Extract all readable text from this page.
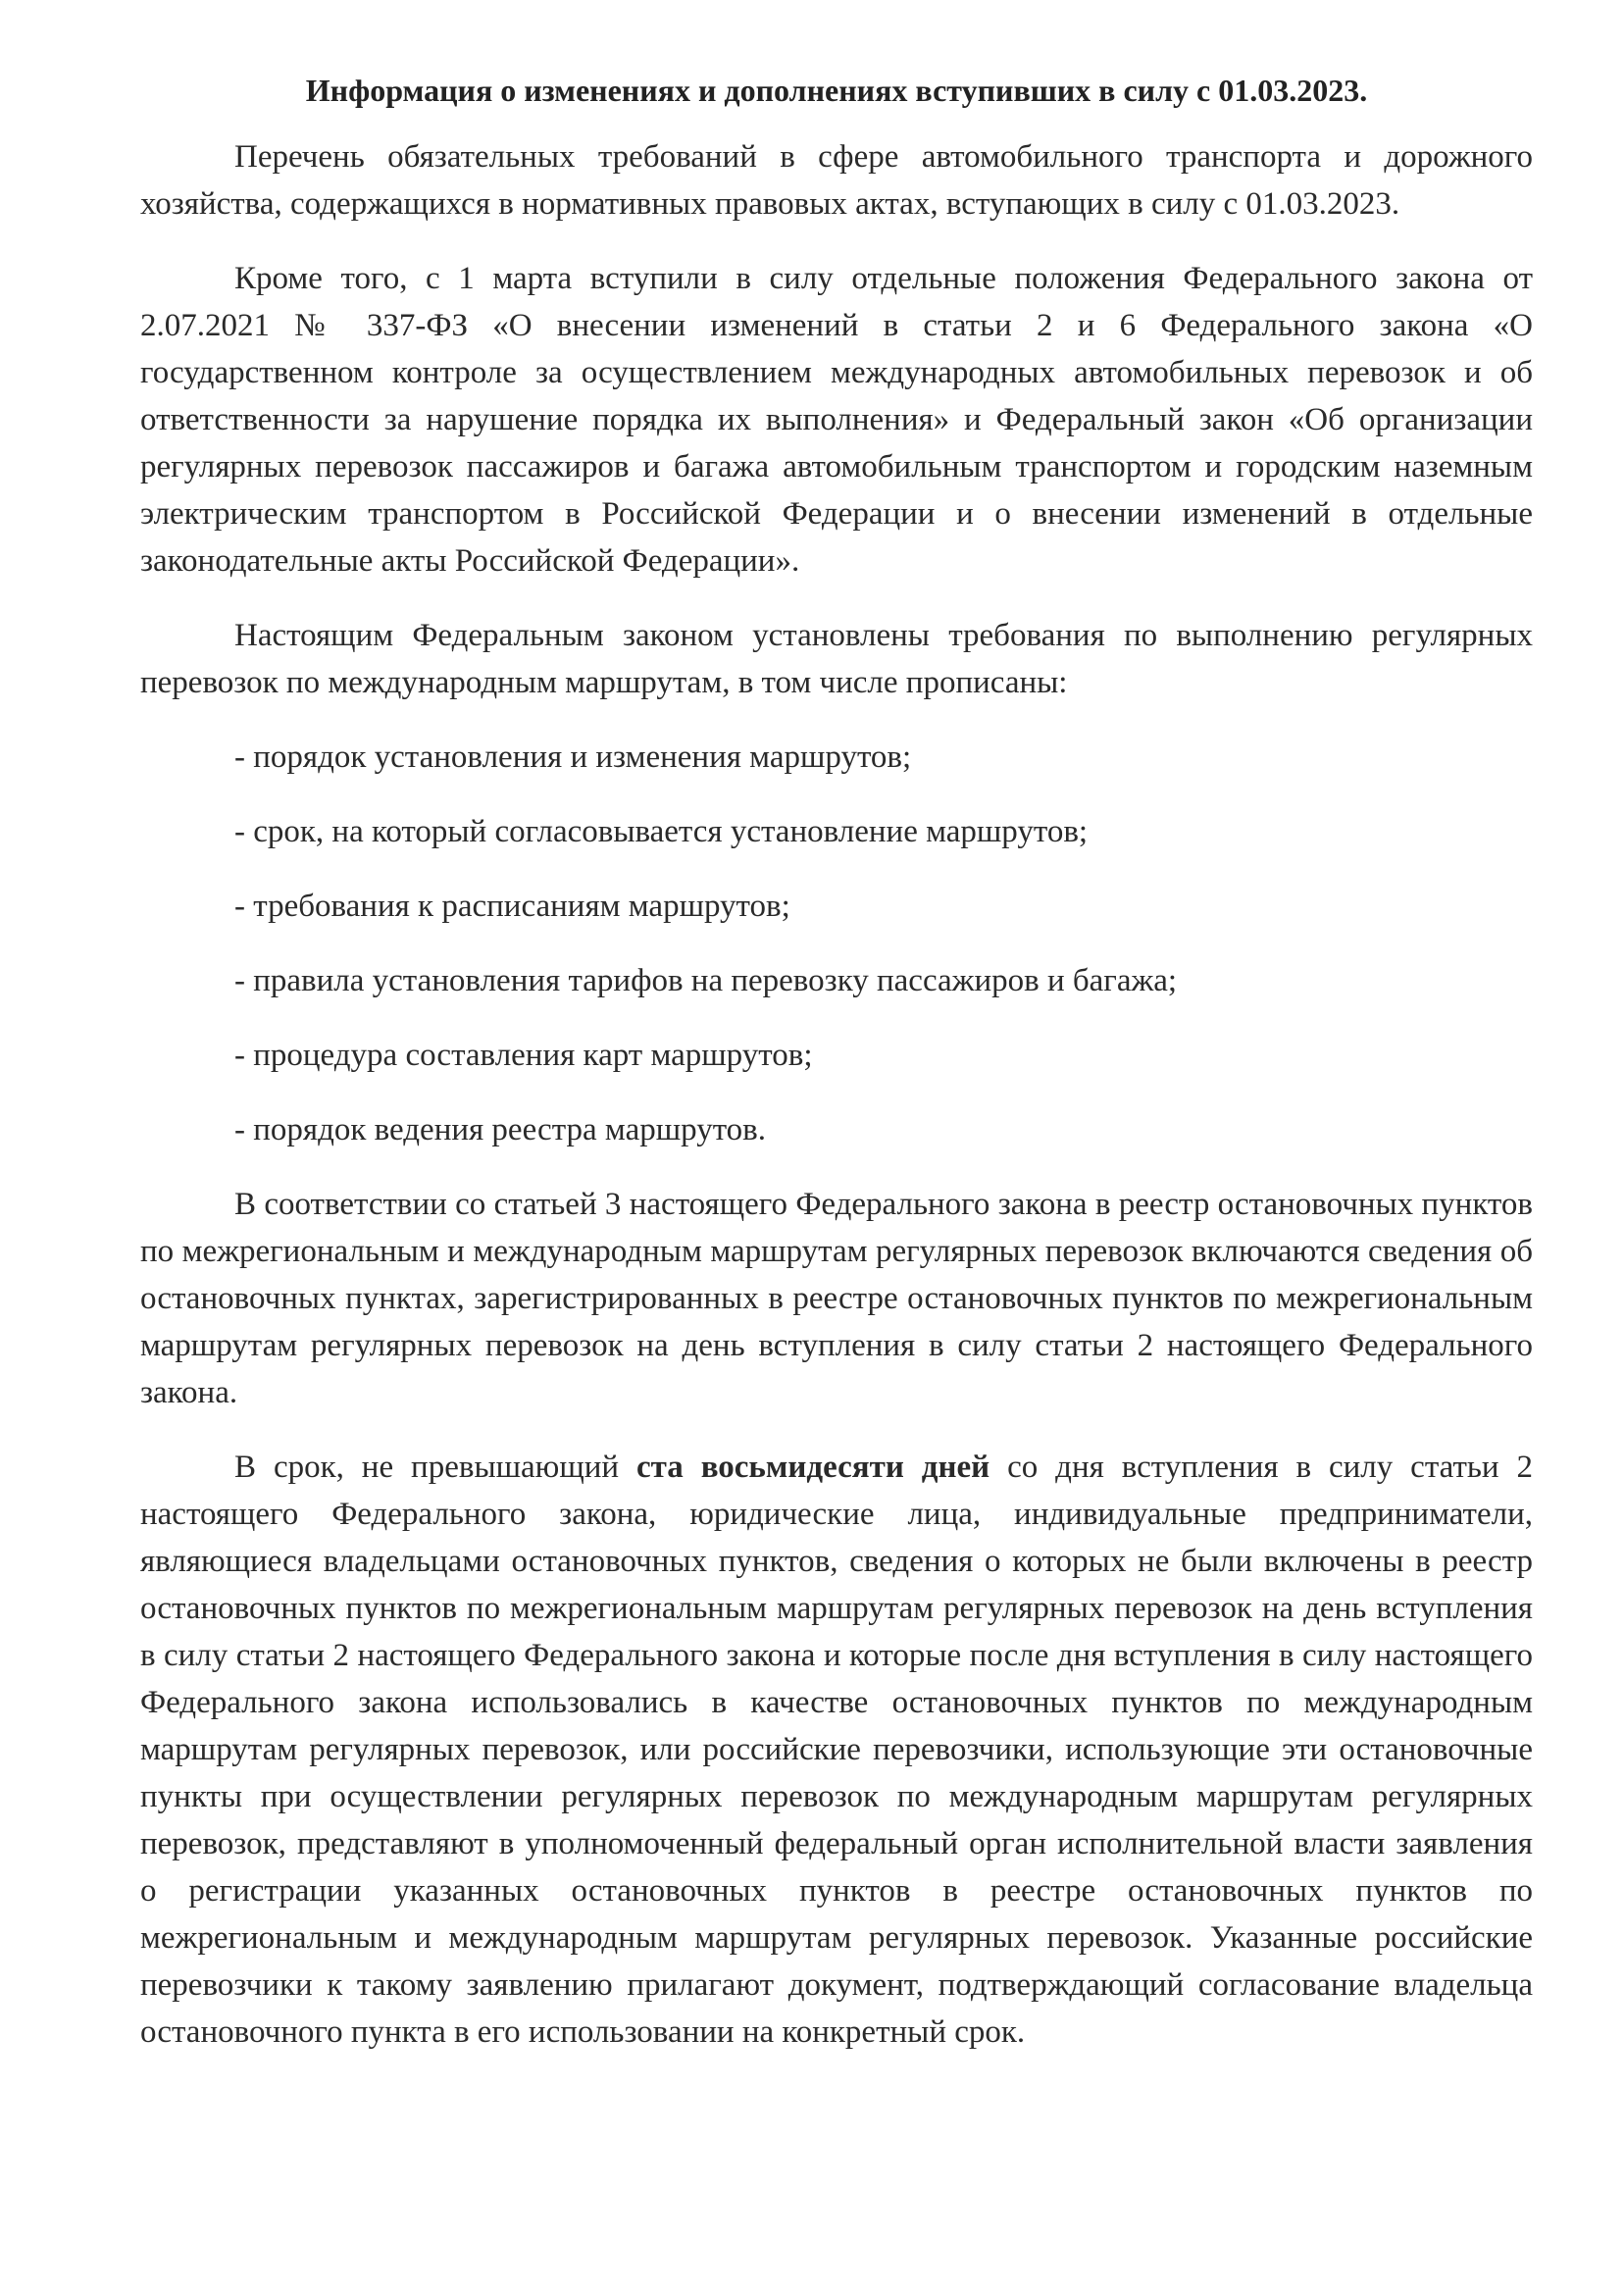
Информация о изменениях и дополнениях вступивших в силу с 01.03.2023.

Перечень обязательных требований в сфере автомобильного транспорта и дорожного хозяйства, содержащихся в нормативных правовых актах, вступающих в силу с 01.03.2023.

Кроме того, с 1 марта вступили в силу отдельные положения Федерального закона от 2.07.2021 № 337-ФЗ «О внесении изменений в статьи 2 и 6 Федерального закона «О государственном контроле за осуществлением международных автомобильных перевозок и об ответственности за нарушение порядка их выполнения» и Федеральный закон «Об организации регулярных перевозок пассажиров и багажа автомобильным транспортом и городским наземным электрическим транспортом в Российской Федерации и о внесении изменений в отдельные законодательные акты Российской Федерации».

Настоящим Федеральным законом установлены требования по выполнению регулярных перевозок по международным маршрутам, в том числе прописаны:

- порядок установления и изменения маршрутов;
- срок, на который согласовывается установление маршрутов;
- требования к расписаниям маршрутов;
- правила установления тарифов на перевозку пассажиров и багажа;
- процедура составления карт маршрутов;
- порядок ведения реестра маршрутов.

В соответствии со статьей 3 настоящего Федерального закона в реестр остановочных пунктов по межрегиональным и международным маршрутам регулярных перевозок включаются сведения об остановочных пунктах, зарегистрированных в реестре остановочных пунктов по межрегиональным маршрутам регулярных перевозок на день вступления в силу статьи 2 настоящего Федерального закона.

В срок, не превышающий ста восьмидесяти дней со дня вступления в силу статьи 2 настоящего Федерального закона, юридические лица, индивидуальные предприниматели, являющиеся владельцами остановочных пунктов, сведения о которых не были включены в реестр остановочных пунктов по межрегиональным маршрутам регулярных перевозок на день вступления в силу статьи 2 настоящего Федерального закона и которые после дня вступления в силу настоящего Федерального закона использовались в качестве остановочных пунктов по международным маршрутам регулярных перевозок, или российские перевозчики, использующие эти остановочные пункты при осуществлении регулярных перевозок по международным маршрутам регулярных перевозок, представляют в уполномоченный федеральный орган исполнительной власти заявления о регистрации указанных остановочных пунктов в реестре остановочных пунктов по межрегиональным и международным маршрутам регулярных перевозок. Указанные российские перевозчики к такому заявлению прилагают документ, подтверждающий согласование владельца остановочного пункта в его использовании на конкретный срок.
